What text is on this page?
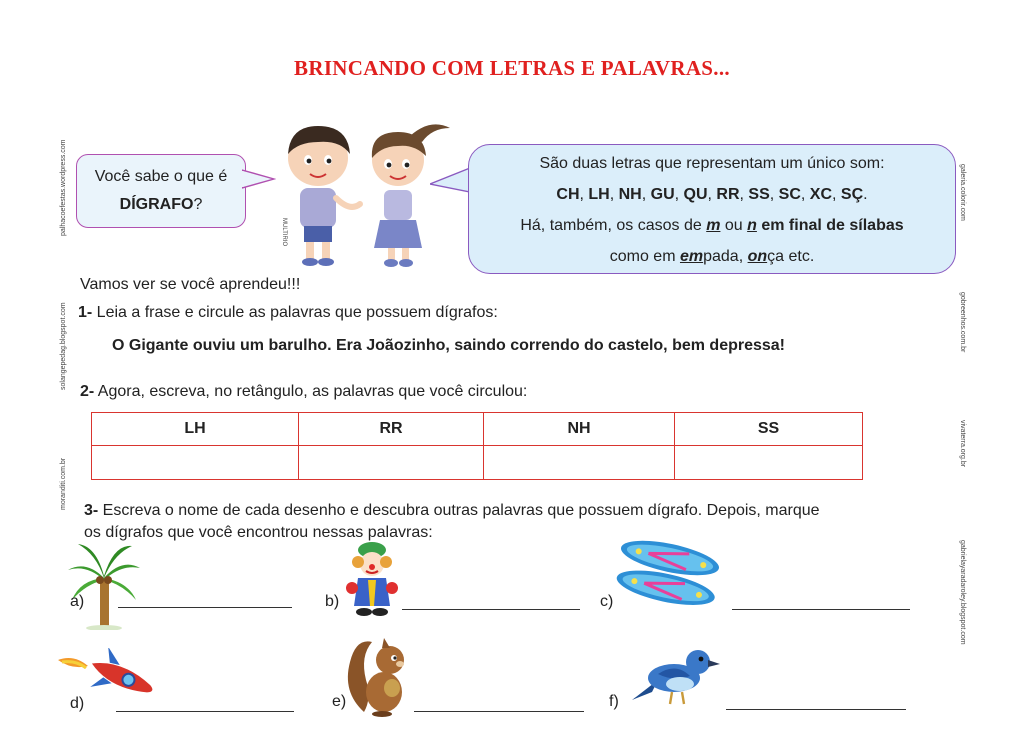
BRINCANDO COM LETRAS E PALAVRAS...
palhacoefestas.wordpress.com
solangepedag.blogspot.com
moranditi.com.br
galeria.colorir.com
gobreenhos.com.br
vivaterra.org.br
gabrielayaradaroley.blogspot.com
Você sabe o que é
DÍGRAFO?
MULTIRIO
São duas letras que representam um único som:
CH, LH, NH, GU, QU, RR, SS, SC, XC, SÇ.
Há, também, os casos de m ou n em final de sílabas
como em empada, onça etc.
Vamos ver se você aprendeu!!!
1- Leia a frase e circule as palavras que possuem dígrafos:
O Gigante ouviu um barulho. Era Joãozinho, saindo correndo do castelo, bem depressa!
2- Agora, escreva, no retângulo, as palavras que você circulou:
LH	RR	NH	SS

3- Escreva o nome de cada desenho e descubra outras palavras que possuem dígrafo. Depois, marque
os dígrafos que você encontrou nessas palavras:
a)	b)	c)
d)	e)	f)
